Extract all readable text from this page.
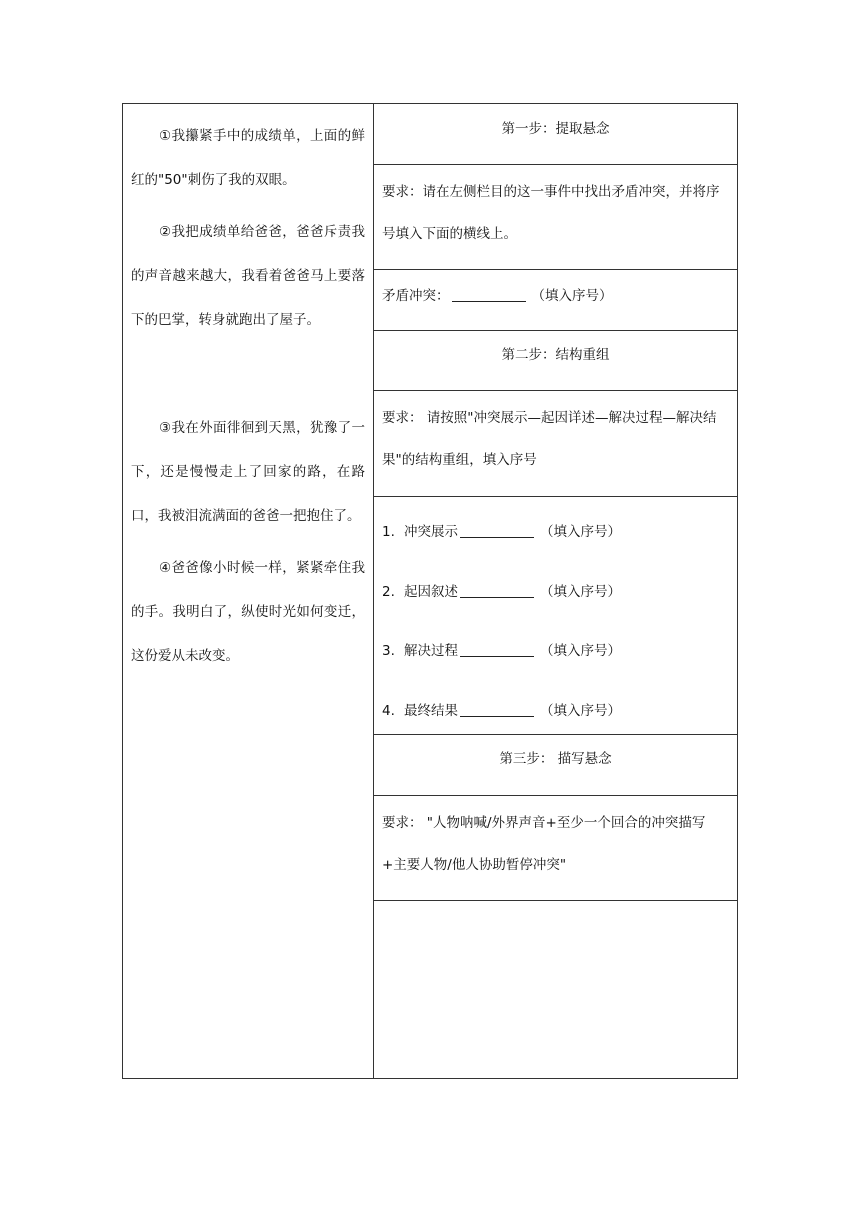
①我攥紧手中的成绩单，上面的鲜红的"50"刺伤了我的双眼。

②我把成绩单给爸爸，爸爸斥责我的声音越来越大，我看着爸爸马上要落下的巴掌，转身就跑出了屋子。

③我在外面徘徊到天黑，犹豫了一下，还是慢慢走上了回家的路，在路口，我被泪流满面的爸爸一把抱住了。

④爸爸像小时候一样，紧紧牵住我的手。我明白了，纵使时光如何变迁，这份爱从未改变。

第一步：提取悬念
要求：请在左侧栏目的这一事件中找出矛盾冲突，并将序号填入下面的横线上。
矛盾冲突：	（填入序号）
第二步：结构重组
要求： 请按照"冲突展示—起因详述—解决过程—解决结果"的结构重组，填入序号
1. 冲突展示	（填入序号）
2. 起因叙述	（填入序号）
3. 解决过程	（填入序号）
4. 最终结果	（填入序号）
第三步： 描写悬念
要求： "人物呐喊/外界声音+至少一个回合的冲突描写+主要人物/他人协助暂停冲突"
